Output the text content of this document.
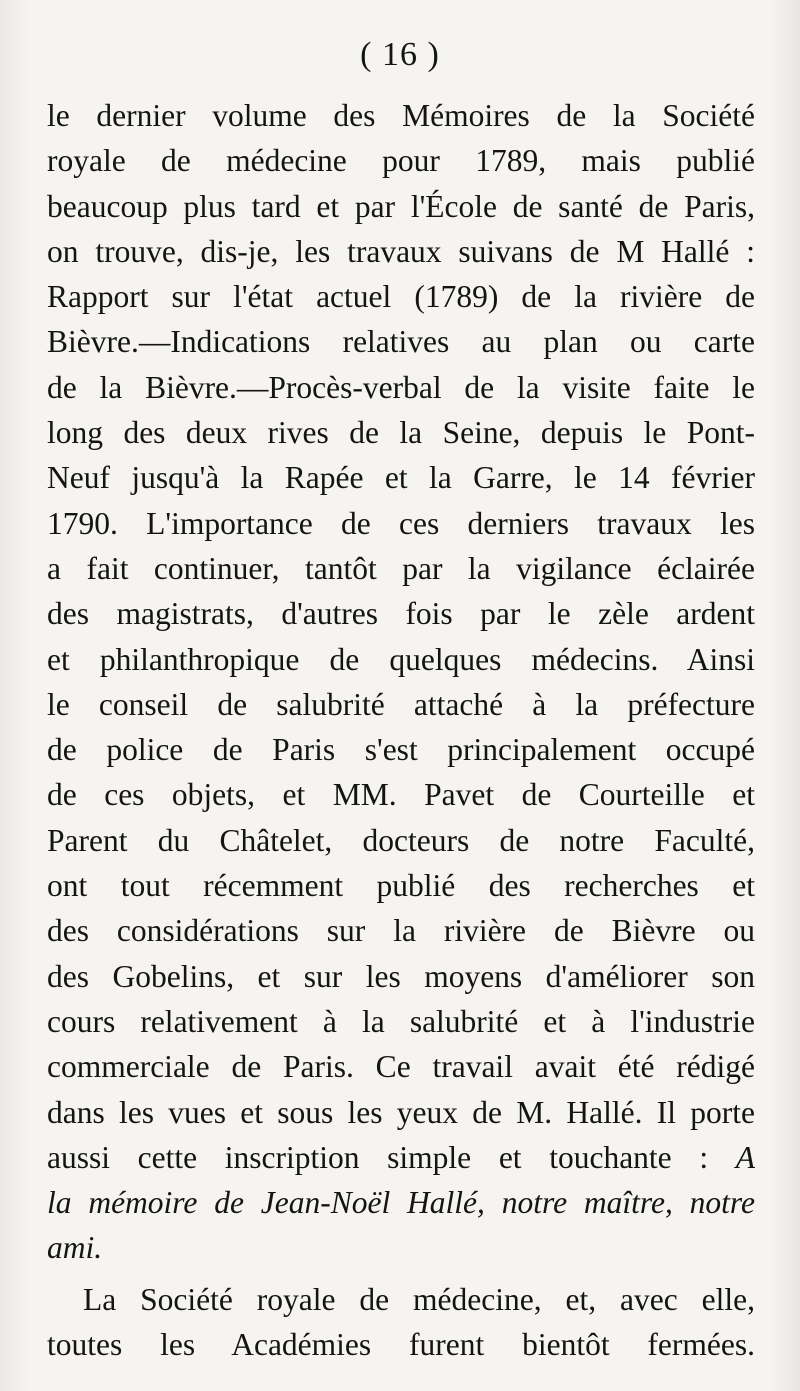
( 16 )
le dernier volume des Mémoires de la Société
royale de médecine pour 1789, mais publié
beaucoup plus tard et par l'École de santé de Paris,
on trouve, dis-je, les travaux suivans de M Hallé :
Rapport sur l'état actuel (1789) de la rivière de
Bièvre.—Indications relatives au plan ou carte
de la Bièvre.—Procès-verbal de la visite faite le
long des deux rives de la Seine, depuis le Pont-
Neuf jusqu'à la Rapée et la Garre, le 14 février
1790. L'importance de ces derniers travaux les
a fait continuer, tantôt par la vigilance éclairée
des magistrats, d'autres fois par le zèle ardent
et philanthropique de quelques médecins. Ainsi
le conseil de salubrité attaché à la préfecture
de police de Paris s'est principalement occupé
de ces objets, et MM. Pavet de Courteille et
Parent du Châtelet, docteurs de notre Faculté,
ont tout récemment publié des recherches et
des considérations sur la rivière de Bièvre ou
des Gobelins, et sur les moyens d'améliorer son
cours relativement à la salubrité et à l'industrie
commerciale de Paris. Ce travail avait été rédigé
dans les vues et sous les yeux de M. Hallé. Il porte
aussi cette inscription simple et touchante : A
la mémoire de Jean-Noël Hallé, notre maître, notre
ami.
La Société royale de médecine, et, avec elle,
toutes les Académies furent bientôt fermées.
